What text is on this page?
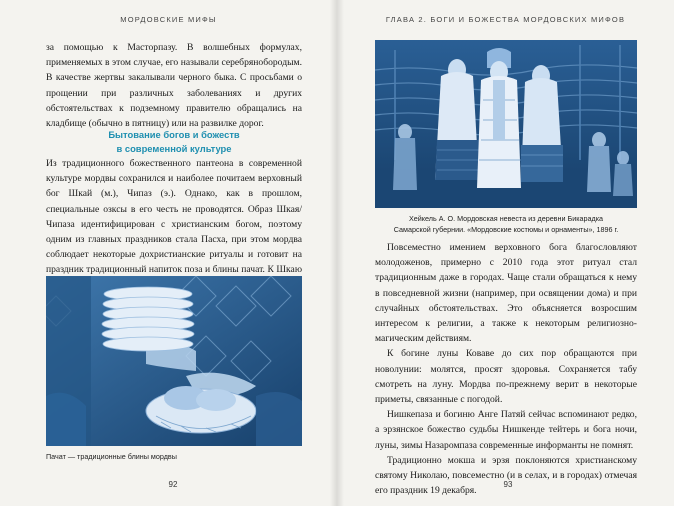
МОРДОВСКИЕ МИФЫ

за помощью к Масторпазу. В волшебных формулах, применяемых в этом случае, его называли серебрянобородым. В качестве жертвы закалывали черного быка. С просьбами о прощении при различных заболеваниях и других обстоятельствах к подземному правителю обращались на кладбище (обычно в пятницу) или на развилке дорог.

Бытование богов и божеств
в современной культуре

Из традиционного божественного пантеона в современной культуре мордвы сохранился и наиболее почитаем верховный бог Шкай (м.), Чипаз (э.). Однако, как в прошлом, специальные озксы в его честь не проводятся. Образ Шкая/Чипаза идентифицирован с христианским богом, поэтому одним из главных праздников стала Пасха, при этом мордва соблюдает некоторые дохристианские ритуалы и готовит на праздник традиционный напиток поза и блины пачат. К Шкаю

Пачат — традиционные блины мордвы
92
ГЛАВА 2. БОГИ И БОЖЕСТВА МОРДОВСКИХ МИФОВ
Хейкель А. О. Мордовская невеста из деревни Бикарадка
Самарской губернии. «Мордовские костюмы и орнаменты», 1896 г.

Повсеместно имением верховного бога благословляют молодоженов, примерно с 2010 года этот ритуал стал традиционным даже в городах. Чаще стали обращаться к нему в повседневной жизни (например, при освящении дома) и при случайных обстоятельствах. Это объясняется возросшим интересом к религии, а также к некоторым религиозно-магическим действиям.

К богине луны Коваве до сих пор обращаются при новолунии: молятся, просят здоровья. Сохраняется табу смотреть на луну. Мордва по-прежнему верит в некоторые приметы, связанные с погодой.

Нишкепаза и богиню Анге Патяй сейчас вспоминают редко, а эрзянское божество судьбы Нишкенде тейтерь и бога ночи, луны, зимы Назаромпаза современные информанты не помнят.

Традиционно мокша и эрзя поклоняются христианскому святому Николаю, повсеместно (и в селах, и в городах) отмечая его праздник 19 декабря.

93
